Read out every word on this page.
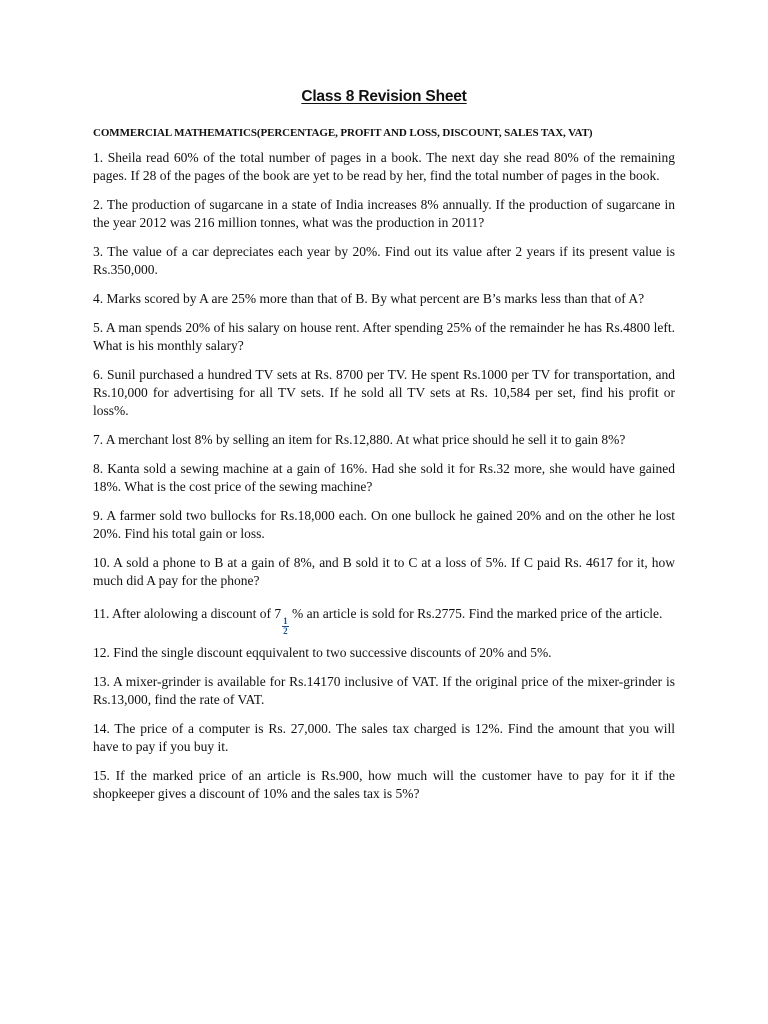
Class 8 Revision Sheet
COMMERCIAL MATHEMATICS(PERCENTAGE, PROFIT AND LOSS, DISCOUNT, SALES TAX, VAT)

1. Sheila read 60% of the total number of pages in a book. The next day she read 80% of the remaining pages. If 28 of the pages of the book are yet to be read by her, find the total number of pages in the book.

2. The production of sugarcane in a state of India increases 8% annually. If the production of sugarcane in the year 2012 was 216 million tonnes, what was the production in 2011?

3. The value of a car depreciates each year by 20%. Find out its value after 2 years if its present value is Rs.350,000.

4. Marks scored by A are 25% more than that of B. By what percent are B’s marks less than that of A?

5. A man spends 20% of his salary on house rent. After spending 25% of the remainder he has Rs.4800 left. What is his monthly salary?

6. Sunil purchased a hundred TV sets at Rs. 8700 per TV. He spent Rs.1000 per TV for transportation, and Rs.10,000 for advertising for all TV sets. If he sold all TV sets at Rs. 10,584 per set, find his profit or loss%.

7. A merchant lost 8% by selling an item for Rs.12,880. At what price should he sell it to gain 8%?

8. Kanta sold a sewing machine at a gain of 16%. Had she sold it for Rs.32 more, she would have gained 18%. What is the cost price of the sewing machine?

9. A farmer sold two bullocks for Rs.18,000 each. On one bullock he gained 20% and on the other he lost 20%. Find his total gain or loss.

10. A sold a phone to B at a gain of 8%, and B sold it to C at a loss of 5%. If C paid Rs. 4617 for it, how much did A pay for the phone?

11. After alolowing a discount of 7
$\frac{1}{2}$
% an article is sold for Rs.2775. Find the marked price of the article.

12. Find the single discount eqquivalent to two successive discounts of 20% and 5%.

13. A mixer-grinder is available for Rs.14170 inclusive of VAT. If the original price of the mixer-grinder is Rs.13,000, find the rate of VAT.

14. The price of a computer is Rs. 27,000. The sales tax charged is 12%. Find the amount that you will have to pay if you buy it.

15. If the marked price of an article is Rs.900, how much will the customer have to pay for it if the shopkeeper gives a discount of 10% and the sales tax is 5%?
